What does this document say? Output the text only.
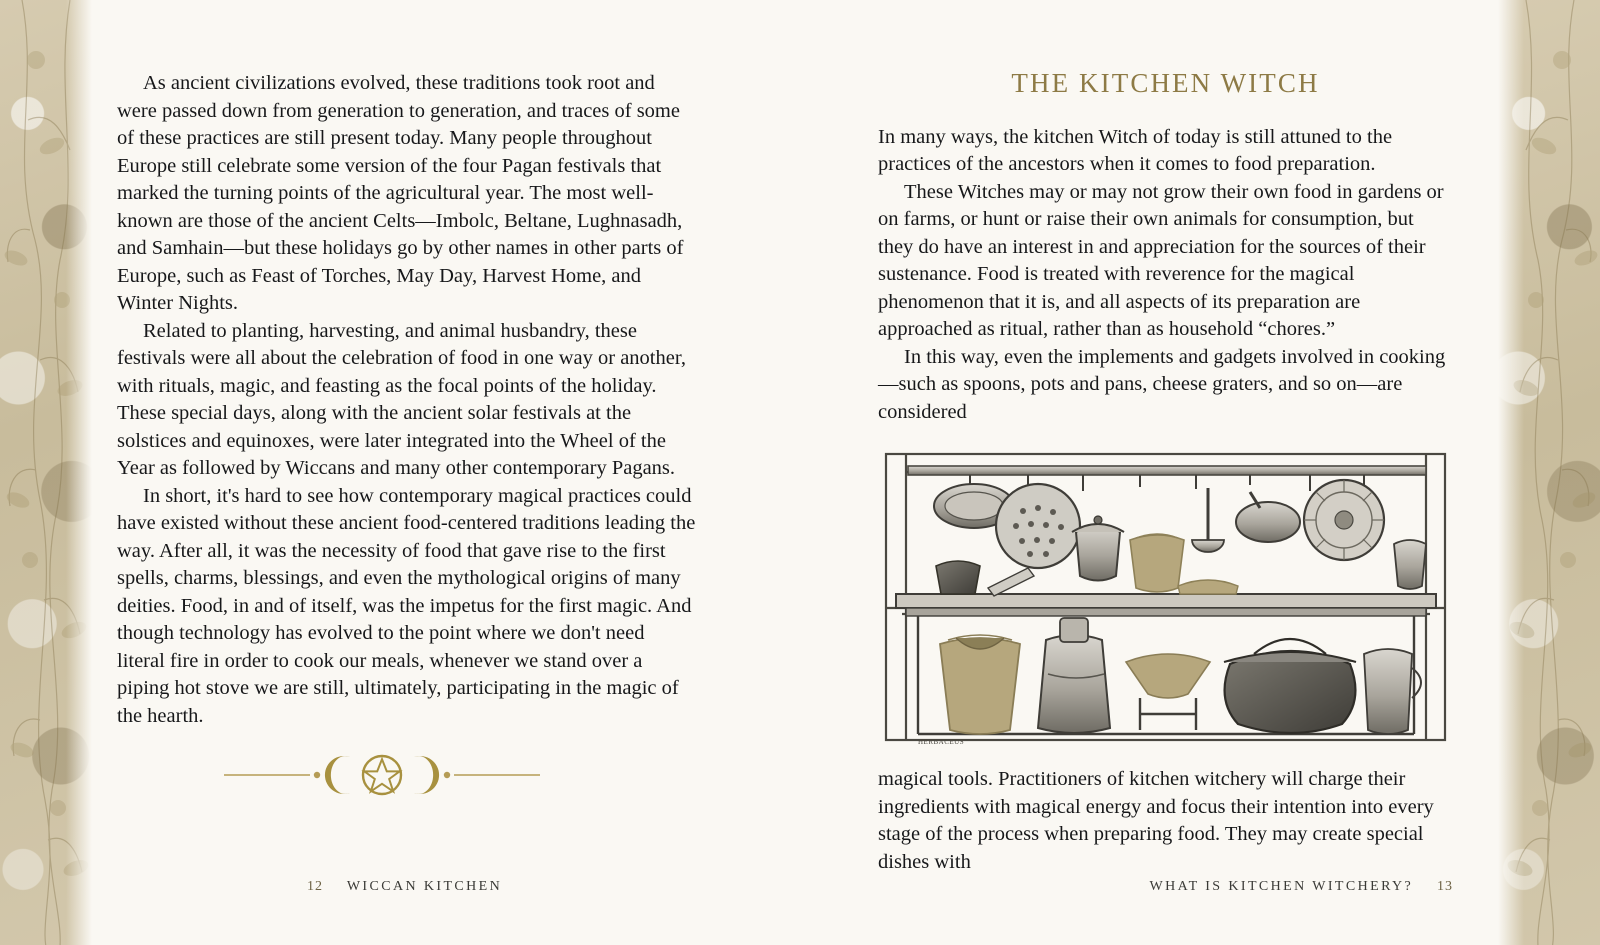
As ancient civilizations evolved, these traditions took root and were passed down from generation to generation, and traces of some of these practices are still present today. Many people throughout Europe still celebrate some version of the four Pagan festivals that marked the turning points of the agricultural year. The most well-known are those of the ancient Celts—Imbolc, Beltane, Lughnasadh, and Samhain—but these holidays go by other names in other parts of Europe, such as Feast of Torches, May Day, Harvest Home, and Winter Nights.

Related to planting, harvesting, and animal husbandry, these festivals were all about the celebration of food in one way or another, with rituals, magic, and feasting as the focal points of the holiday. These special days, along with the ancient solar festivals at the solstices and equinoxes, were later integrated into the Wheel of the Year as followed by Wiccans and many other contemporary Pagans.

In short, it's hard to see how contemporary magical practices could have existed without these ancient food-centered traditions leading the way. After all, it was the necessity of food that gave rise to the first spells, charms, blessings, and even the mythological origins of many deities. Food, in and of itself, was the impetus for the first magic. And though technology has evolved to the point where we don't need literal fire in order to cook our meals, whenever we stand over a piping hot stove we are still, ultimately, participating in the magic of the hearth.

12 WICCAN KITCHEN
THE KITCHEN WITCH

In many ways, the kitchen Witch of today is still attuned to the practices of the ancestors when it comes to food preparation.

These Witches may or may not grow their own food in gardens or on farms, or hunt or raise their own animals for consumption, but they do have an interest in and appreciation for the sources of their sustenance. Food is treated with reverence for the magical phenomenon that it is, and all aspects of its preparation are approached as ritual, rather than as household “chores.”

In this way, even the implements and gadgets involved in cooking—such as spoons, pots and pans, cheese graters, and so on—are considered

HERBACEUS

magical tools. Practitioners of kitchen witchery will charge their ingredients with magical energy and focus their intention into every stage of the process when preparing food. They may create special dishes with

WHAT IS KITCHEN WITCHERY? 13
